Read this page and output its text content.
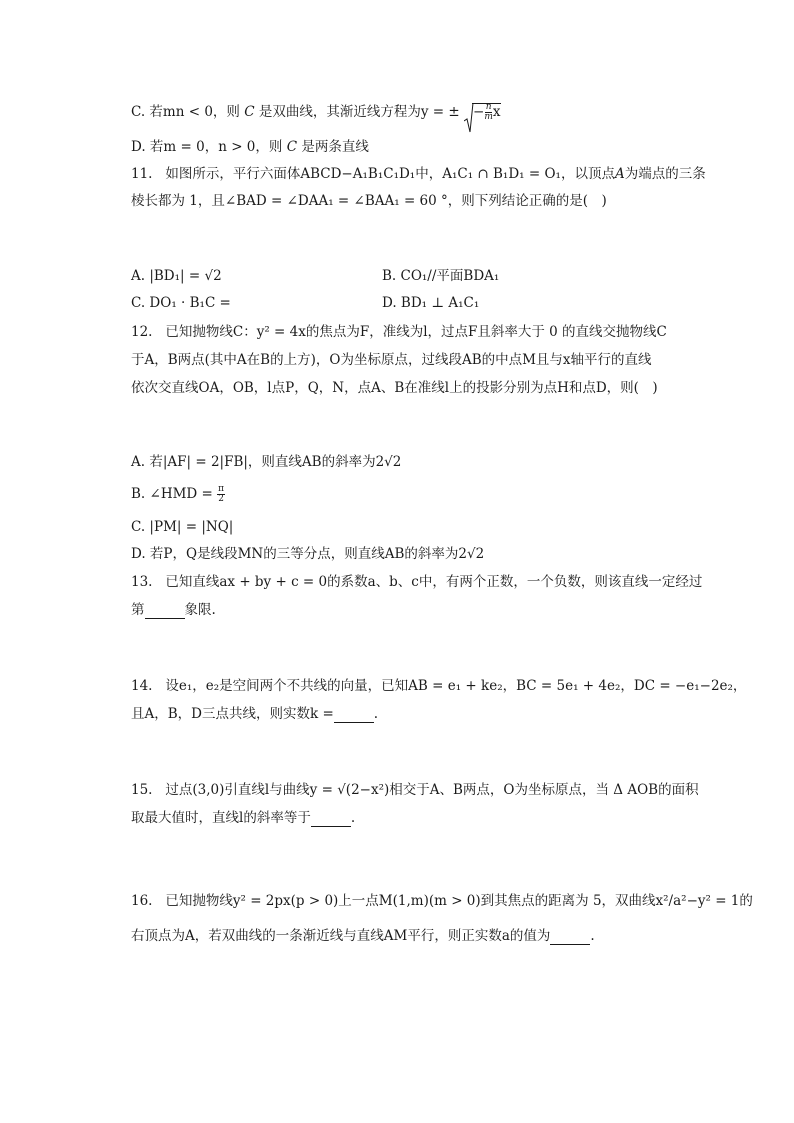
C. 若mn < 0，则 C 是双曲线，其渐近线方程为y = ± − $\frac{n}{m}$ x
D. 若m = 0，n > 0，则 C 是两条直线
11. 如图所示，平行六面体ABCD−A₁B₁C₁D₁中，A₁C₁ ∩ B₁D₁ = O₁，以顶点A为端点的三条
棱长都为 1，且∠BAD = ∠DAA₁ = ∠BAA₁ = 60 °，则下列结论正确的是(　)
A. |BD₁| = √2	B. CO₁//平面BDA₁
C. DO₁ · B₁C =	D. BD₁ ⊥ A₁C₁
12. 已知抛物线C：y² = 4x的焦点为F，准线为l，过点F且斜率大于 0 的直线交抛物线C
于A，B两点(其中A在B的上方)，O为坐标原点，过线段AB的中点M且与x轴平行的直线
依次交直线OA，OB，l点P，Q，N，点A、B在准线l上的投影分别为点H和点D，则(　)
A. 若|AF| = 2|FB|，则直线AB的斜率为2√2
B. ∠HMD = $\frac{\pi}{2}$
C. |PM| = |NQ|
D. 若P，Q是线段MN的三等分点，则直线AB的斜率为2√2
13. 已知直线ax + by + c = 0的系数a、b、c中，有两个正数，一个负数，则该直线一定经过
第	象限.
14. 设e₁，e₂是空间两个不共线的向量，已知AB = e₁ + ke₂，BC = 5e₁ + 4e₂，DC = −e₁−2e₂，
且A，B，D三点共线，则实数k =	.
15. 过点(3,0)引直线l与曲线y = √(2−x²)相交于A、B两点，O为坐标原点，当 Δ AOB的面积
取最大值时，直线l的斜率等于	.
16. 已知抛物线y² = 2px(p > 0)上一点M(1,m)(m > 0)到其焦点的距离为 5，双曲线x²/a²−y² = 1的
右顶点为A，若双曲线的一条渐近线与直线AM平行，则正实数a的值为	.
